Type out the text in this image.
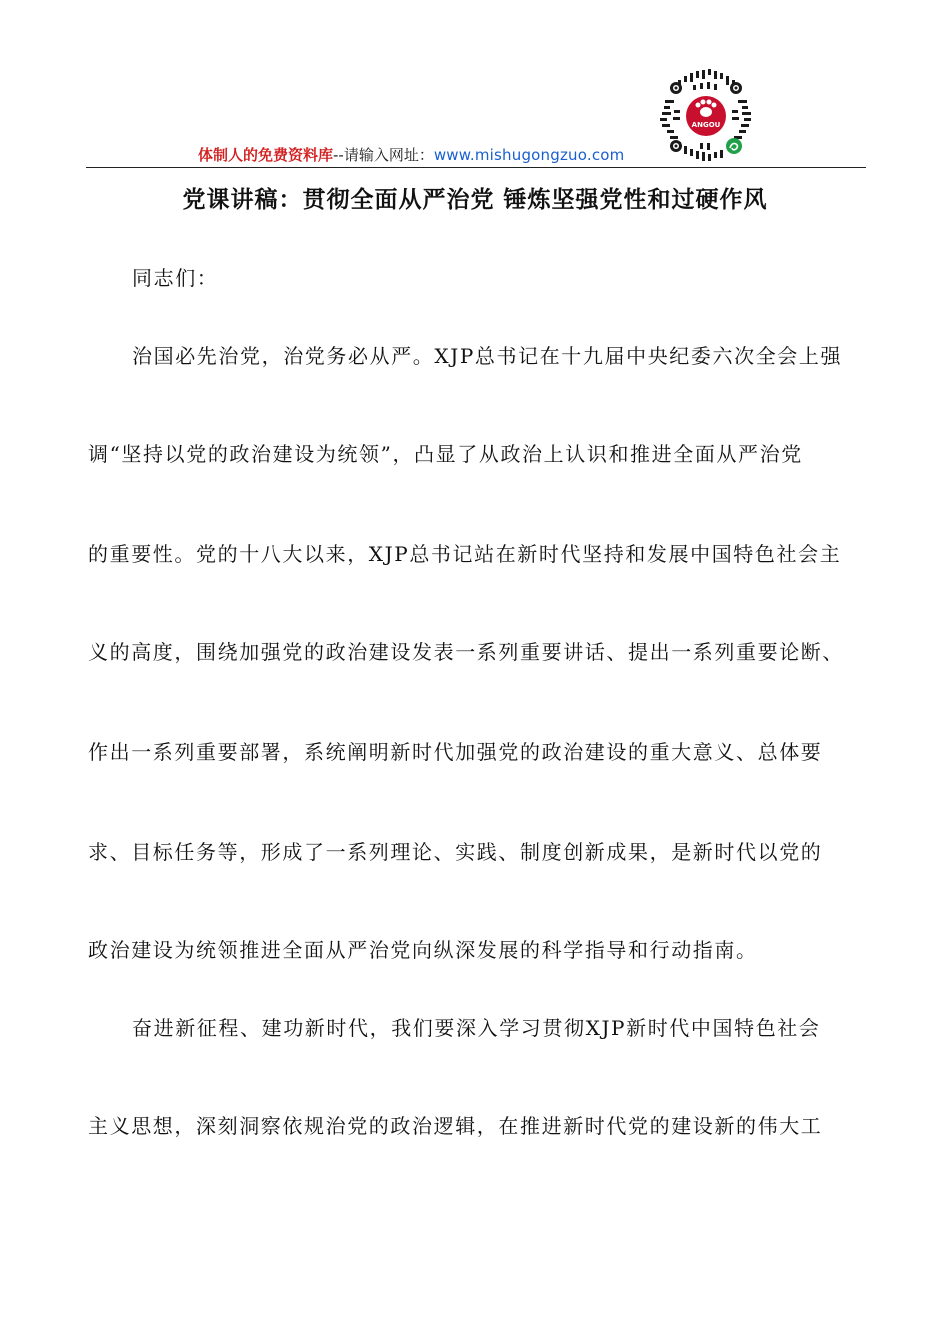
ANGOU
体制人的免费资料库--请输入网址：www.mishugongzuo.com
党课讲稿：贯彻全面从严治党 锤炼坚强党性和过硬作风
同志们：
治国必先治党，治党务必从严。XJP总书记在十九届中央纪委六次全会上强
调“坚持以党的政治建设为统领”，凸显了从政治上认识和推进全面从严治党
的重要性。党的十八大以来，XJP总书记站在新时代坚持和发展中国特色社会主
义的高度，围绕加强党的政治建设发表一系列重要讲话、提出一系列重要论断、
作出一系列重要部署，系统阐明新时代加强党的政治建设的重大意义、总体要
求、目标任务等，形成了一系列理论、实践、制度创新成果，是新时代以党的
政治建设为统领推进全面从严治党向纵深发展的科学指导和行动指南。
奋进新征程、建功新时代，我们要深入学习贯彻XJP新时代中国特色社会
主义思想，深刻洞察依规治党的政治逻辑，在推进新时代党的建设新的伟大工
